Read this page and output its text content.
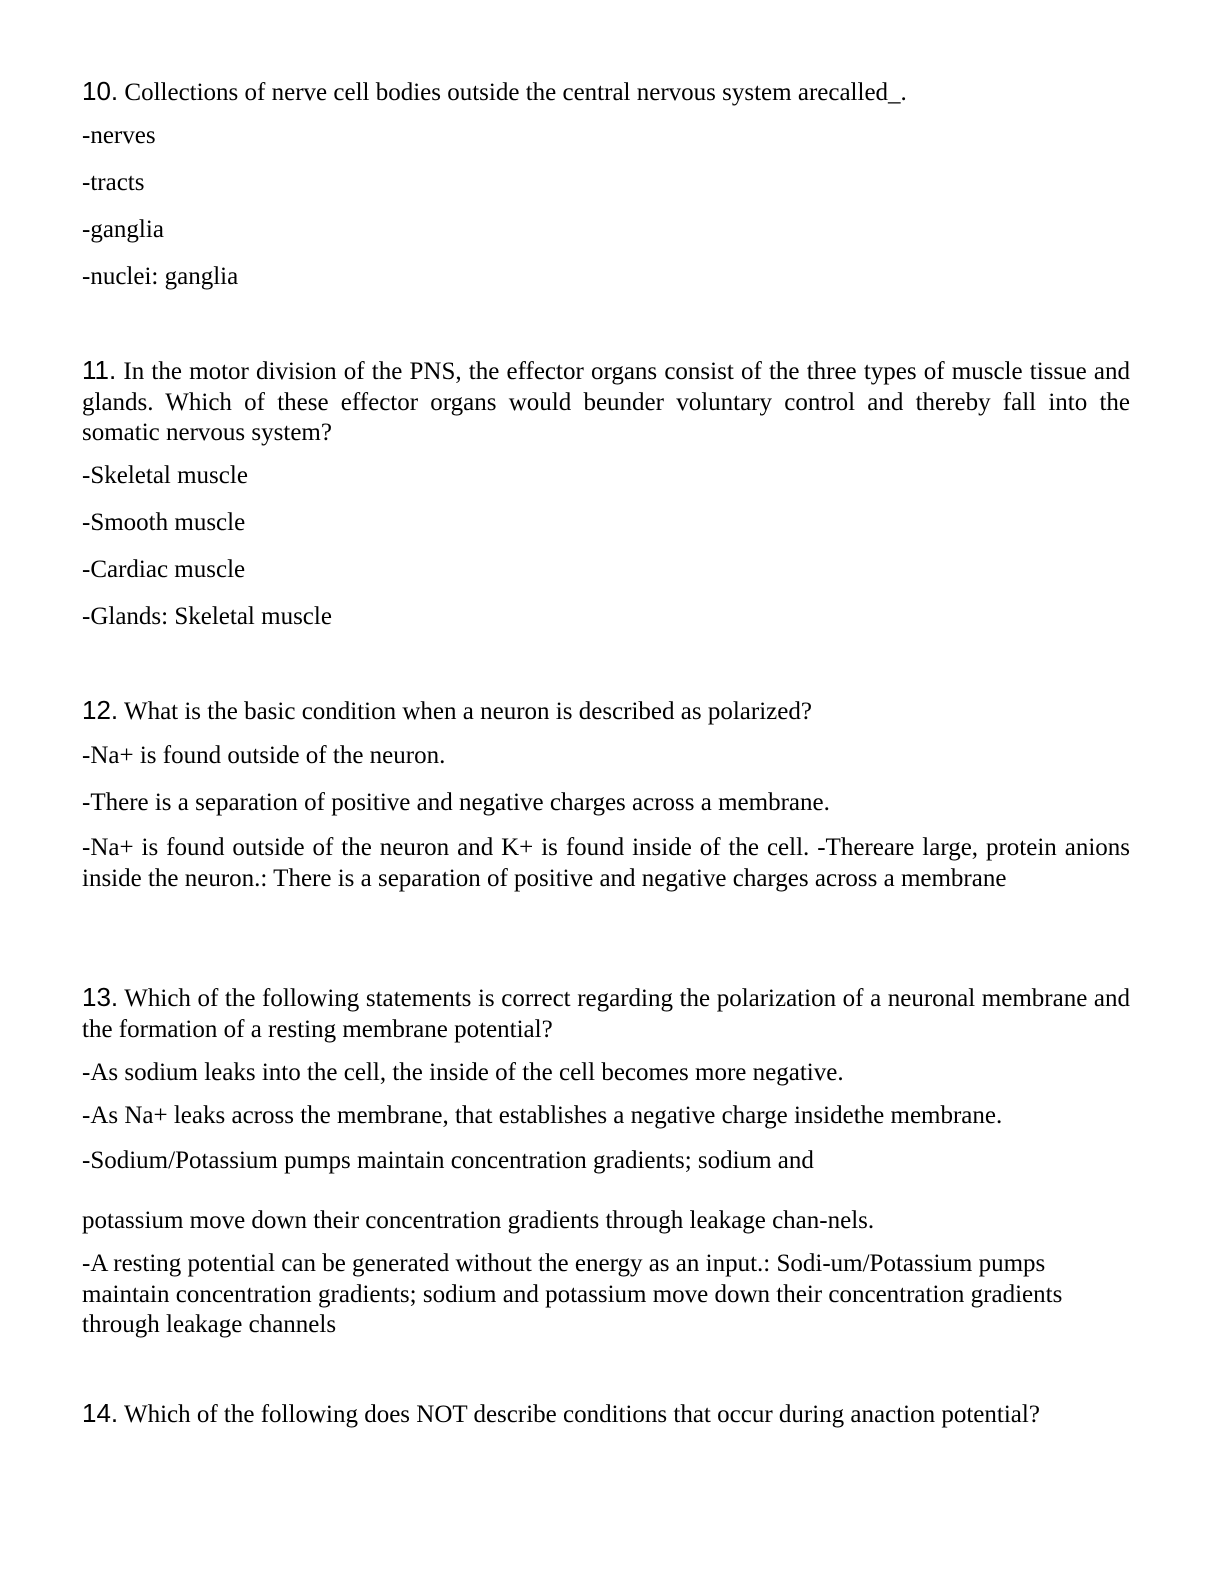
10. Collections of nerve cell bodies outside the central nervous system arecalled_.

-nerves

-tracts

-ganglia

-nuclei: ganglia

11. In the motor division of the PNS, the effector organs consist of the three types of muscle tissue and glands. Which of these effector organs would beunder voluntary control and thereby fall into the somatic nervous system?

-Skeletal muscle

-Smooth muscle

-Cardiac muscle

-Glands: Skeletal muscle

12. What is the basic condition when a neuron is described as polarized?

-Na+ is found outside of the neuron.

-There is a separation of positive and negative charges across a membrane.

-Na+ is found outside of the neuron and K+ is found inside of the cell. -Thereare large, protein anions inside the neuron.: There is a separation of positive and negative charges across a membrane

13. Which of the following statements is correct regarding the polarization of a neuronal membrane and the formation of a resting membrane potential?

-As sodium leaks into the cell, the inside of the cell becomes more negative.

-As Na+ leaks across the membrane, that establishes a negative charge insidethe membrane.

-Sodium/Potassium pumps maintain concentration gradients; sodium and

potassium move down their concentration gradients through leakage chan-nels.

-A resting potential can be generated without the energy as an input.: Sodi-um/Potassium pumps maintain concentration gradients; sodium and potassium move down their concentration gradients through leakage channels

14. Which of the following does NOT describe conditions that occur during anaction potential?
